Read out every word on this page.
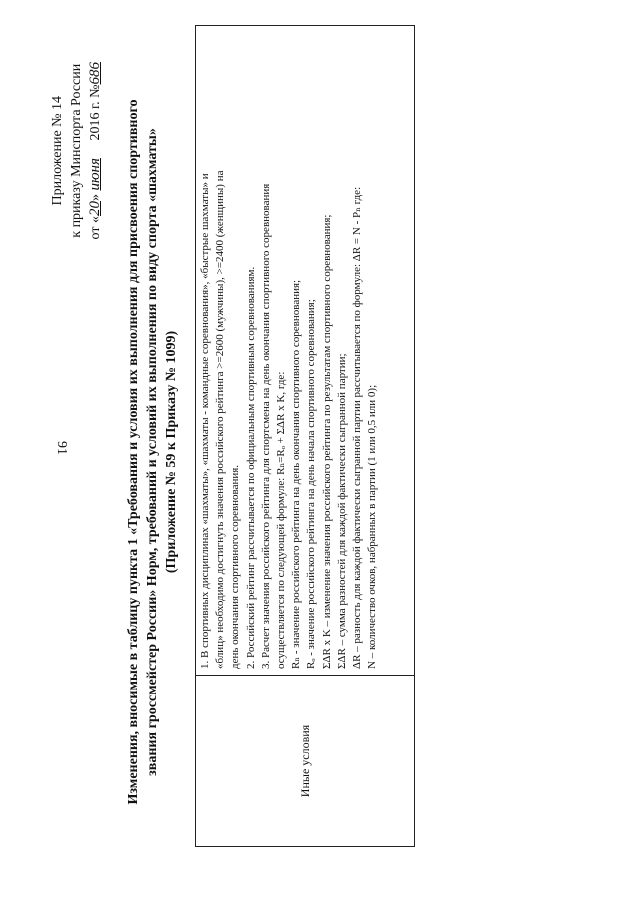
91
Приложение № 14 к приказу Минспорта России от «20» июня     2016 г. №686
Изменения, вносимые в таблицу пункта 1 «Требования и условия их выполнения для присвоения спортивного звания гроссмейстер России» Норм, требований и условий их выполнения по виду спорта «шахматы» (Приложение № 59 к Приказу № 1099)
Иные условия
1. В спортивных дисциплинах «шахматы», «шахматы - командные соревнования», «быстрые шахматы» и «блиц» необходимо достигнуть значения российского рейтинга >=2600 (мужчины), >=2400 (женщины) на день окончания спортивного соревнования. 2. Российский рейтинг рассчитывается по официальным спортивным соревнованиям. 3. Расчет значения российского рейтинга для спортсмена на день окончания спортивного соревнования осуществляется по следующей формуле: Rₙ=Rₒ + ΣΔR x K, где: Rₙ - значение российского рейтинга на день окончания спортивного соревнования; Rₒ - значение российского рейтинга на день начала спортивного соревнования; ΣΔR x K – изменение значения российского рейтинга по результатам спортивного соревнования; ΣΔR – сумма разностей для каждой фактически сыгранной партии; ΔR – разность для каждой фактически сыгранной партии рассчитывается по формуле: ΔR = N - Pₙ где: N – количество очков, набранных в партии (1 или 0,5 или 0);
